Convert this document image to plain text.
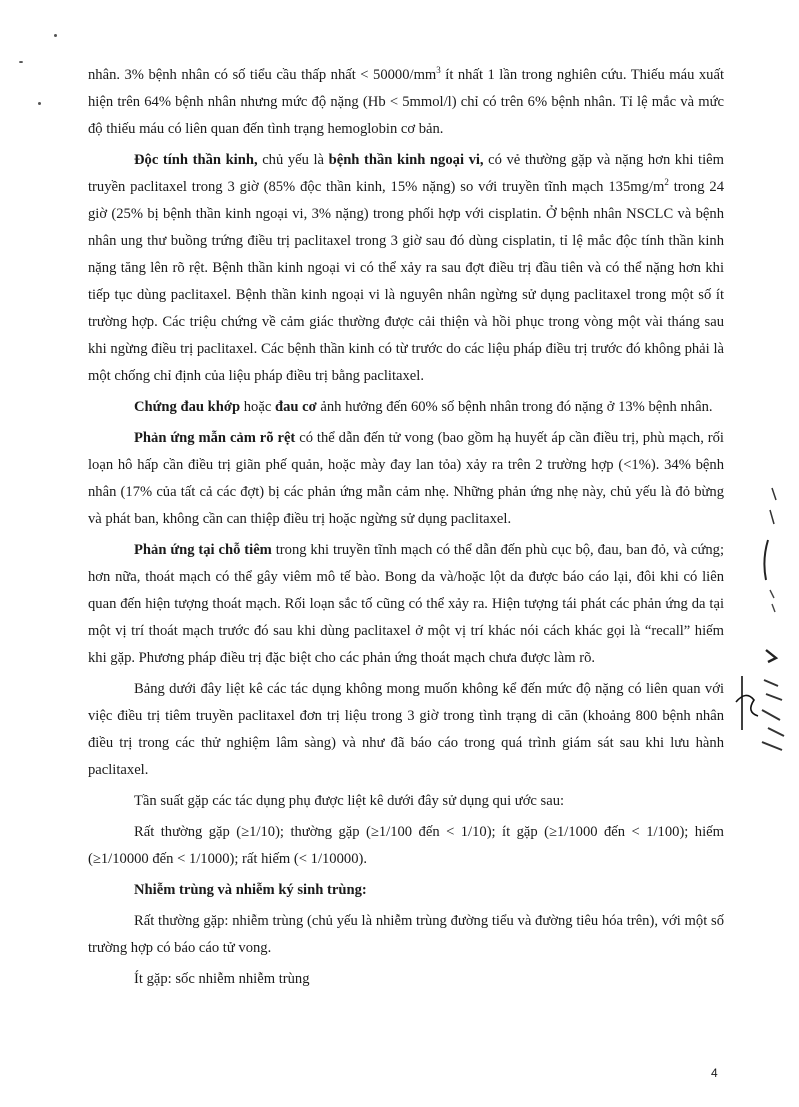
nhân. 3% bệnh nhân có số tiểu cầu thấp nhất < $50000/mm^3$ ít nhất 1 lần trong nghiên cứu. Thiếu máu xuất hiện trên 64% bệnh nhân nhưng mức độ nặng (Hb < 5mmol/l) chỉ có trên 6% bệnh nhân. Tỉ lệ mắc và mức độ thiếu máu có liên quan đến tình trạng hemoglobin cơ bản.

Độc tính thần kinh, chủ yếu là bệnh thần kinh ngoại vi, có vẻ thường gặp và nặng hơn khi tiêm truyền paclitaxel trong 3 giờ (85% độc thần kinh, 15% nặng) so với truyền tĩnh mạch $135mg/m^2$ trong 24 giờ (25% bị bệnh thần kinh ngoại vi, 3% nặng) trong phối hợp với cisplatin. Ở bệnh nhân NSCLC và bệnh nhân ung thư buồng trứng điều trị paclitaxel trong 3 giờ sau đó dùng cisplatin, tỉ lệ mắc độc tính thần kinh nặng tăng lên rõ rệt. Bệnh thần kinh ngoại vi có thể xảy ra sau đợt điều trị đầu tiên và có thể nặng hơn khi tiếp tục dùng paclitaxel. Bệnh thần kinh ngoại vi là nguyên nhân ngừng sử dụng paclitaxel trong một số ít trường hợp. Các triệu chứng về cảm giác thường được cải thiện và hồi phục trong vòng một vài tháng sau khi ngừng điều trị paclitaxel. Các bệnh thần kinh có từ trước do các liệu pháp điều trị trước đó không phải là một chống chỉ định của liệu pháp điều trị bằng paclitaxel.

Chứng đau khớp hoặc đau cơ ảnh hưởng đến 60% số bệnh nhân trong đó nặng ở 13% bệnh nhân.

Phản ứng mẫn cảm rõ rệt có thể dẫn đến tử vong (bao gồm hạ huyết áp cần điều trị, phù mạch, rối loạn hô hấp cần điều trị giãn phế quản, hoặc mày đay lan tỏa) xảy ra trên 2 trường hợp (<1%). 34% bệnh nhân (17% của tất cả các đợt) bị các phản ứng mẫn cảm nhẹ. Những phản ứng nhẹ này, chủ yếu là đỏ bừng và phát ban, không cần can thiệp điều trị hoặc ngừng sử dụng paclitaxel.

Phản ứng tại chỗ tiêm trong khi truyền tĩnh mạch có thể dẫn đến phù cục bộ, đau, ban đỏ, và cứng; hơn nữa, thoát mạch có thể gây viêm mô tế bào. Bong da và/hoặc lột da được báo cáo lại, đôi khi có liên quan đến hiện tượng thoát mạch. Rối loạn sắc tố cũng có thể xảy ra. Hiện tượng tái phát các phản ứng da tại một vị trí thoát mạch trước đó sau khi dùng paclitaxel ở một vị trí khác nói cách khác gọi là “recall” hiếm khi gặp. Phương pháp điều trị đặc biệt cho các phản ứng thoát mạch chưa được làm rõ.

Bảng dưới đây liệt kê các tác dụng không mong muốn không kể đến mức độ nặng có liên quan với việc điều trị tiêm truyền paclitaxel đơn trị liệu trong 3 giờ trong tình trạng di căn (khoảng 800 bệnh nhân điều trị trong các thử nghiệm lâm sàng) và như đã báo cáo trong quá trình giám sát sau khi lưu hành paclitaxel.

Tần suất gặp các tác dụng phụ được liệt kê dưới đây sử dụng qui ước sau:

Rất thường gặp (≥1/10); thường gặp (≥1/100 đến < 1/10); ít gặp (≥1/1000 đến < 1/100); hiếm (≥1/10000 đến < 1/1000); rất hiếm (< 1/10000).

Nhiễm trùng và nhiễm ký sinh trùng:

Rất thường gặp: nhiễm trùng (chủ yếu là nhiễm trùng đường tiểu và đường tiêu hóa trên), với một số trường hợp có báo cáo tử vong.

Ít gặp: sốc nhiễm nhiễm trùng

4
